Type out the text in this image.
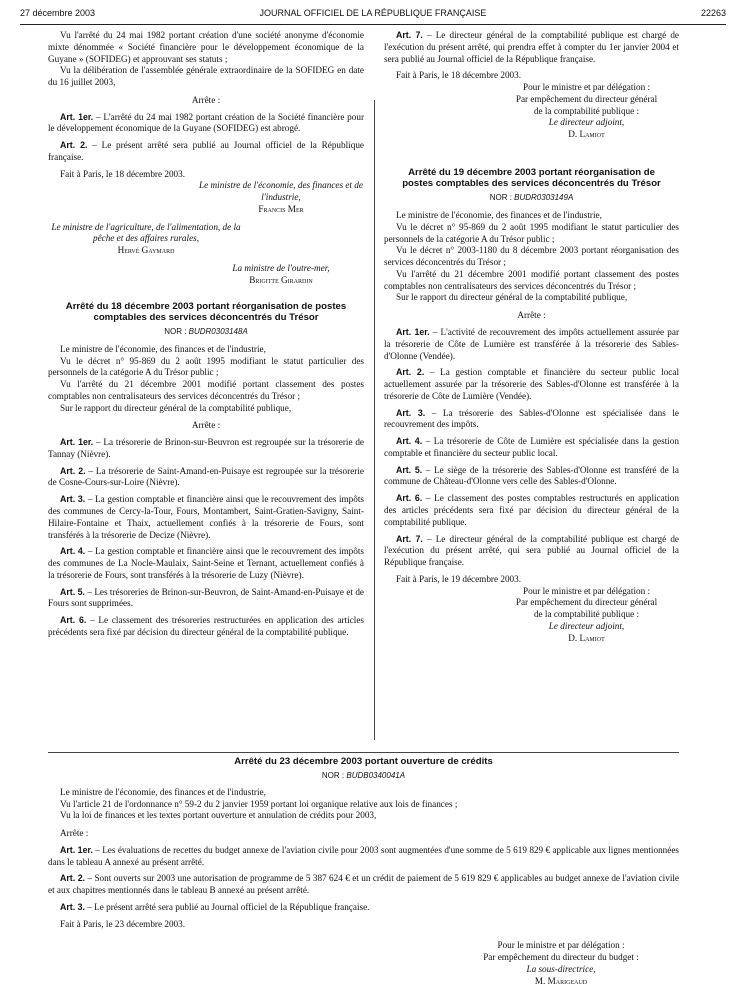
27 décembre 2003	JOURNAL OFFICIEL DE LA RÉPUBLIQUE FRANÇAISE	22263

Vu l'arrêté du 24 mai 1982 portant création d'une société anonyme d'économie mixte dénommée « Société financière pour le développement économique de la Guyane » (SOFIDEG) et approuvant ses statuts ;

Vu la délibération de l'assemblée générale extraordinaire de la SOFIDEG en date du 16 juillet 2003,

Arrête :

Art. 1er. – L'arrêté du 24 mai 1982 portant création de la Société financière pour le développement économique de la Guyane (SOFIDEG) est abrogé.

Art. 2. – Le présent arrêté sera publié au Journal officiel de la République française.

Fait à Paris, le 18 décembre 2003.

Le ministre de l'économie, des finances et de l'industrie,
Francis Mer
Le ministre de l'agriculture, de l'alimentation, de la pêche et des affaires rurales,
Hervé Gaymard
La ministre de l'outre-mer,
Brigitte Girardin
Arrêté du 18 décembre 2003 portant réorganisation de postes comptables des services déconcentrés du Trésor
NOR : BUDR0303148A

Le ministre de l'économie, des finances et de l'industrie,

Vu le décret n° 95-869 du 2 août 1995 modifiant le statut particulier des personnels de la catégorie A du Trésor public ;

Vu l'arrêté du 21 décembre 2001 modifié portant classement des postes comptables non centralisateurs des services déconcentrés du Trésor ;

Sur le rapport du directeur général de la comptabilité publique,

Arrête :

Art. 1er. – La trésorerie de Brinon-sur-Beuvron est regroupée sur la trésorerie de Tannay (Nièvre).

Art. 2. – La trésorerie de Saint-Amand-en-Puisaye est regroupée sur la trésorerie de Cosne-Cours-sur-Loire (Nièvre).

Art. 3. – La gestion comptable et financière ainsi que le recouvrement des impôts des communes de Cercy-la-Tour, Fours, Montambert, Saint-Gratien-Savigny, Saint-Hilaire-Fontaine et Thaix, actuellement confiés à la trésorerie de Fours, sont transférés à la trésorerie de Decize (Nièvre).

Art. 4. – La gestion comptable et financière ainsi que le recouvrement des impôts des communes de La Nocle-Maulaix, Saint-Seine et Ternant, actuellement confiés à la trésorerie de Fours, sont transférés à la trésorerie de Luzy (Nièvre).

Art. 5. – Les trésoreries de Brinon-sur-Beuvron, de Saint-Amand-en-Puisaye et de Fours sont supprimées.

Art. 6. – Le classement des trésoreries restructurées en application des articles précédents sera fixé par décision du directeur général de la comptabilité publique.

Art. 7. – Le directeur général de la comptabilité publique est chargé de l'exécution du présent arrêté, qui prendra effet à compter du 1er janvier 2004 et sera publié au Journal officiel de la République française.

Fait à Paris, le 18 décembre 2003.

Pour le ministre et par délégation :
Par empêchement du directeur général
de la comptabilité publique :
Le directeur adjoint,
D. Lamiot
Arrêté du 19 décembre 2003 portant réorganisation de postes comptables des services déconcentrés du Trésor
NOR : BUDR0303149A

Le ministre de l'économie, des finances et de l'industrie,

Vu le décret n° 95-869 du 2 août 1995 modifiant le statut particulier des personnels de la catégorie A du Trésor public ;

Vu le décret n° 2003-1180 du 8 décembre 2003 portant réorganisation des services déconcentrés du Trésor ;

Vu l'arrêté du 21 décembre 2001 modifié portant classement des postes comptables non centralisateurs des services déconcentrés du Trésor ;

Sur le rapport du directeur général de la comptabilité publique,

Arrête :

Art. 1er. – L'activité de recouvrement des impôts actuellement assurée par la trésorerie de Côte de Lumière est transférée à la trésorerie des Sables-d'Olonne (Vendée).

Art. 2. – La gestion comptable et financière du secteur public local actuellement assurée par la trésorerie des Sables-d'Olonne est transférée à la trésorerie de Côte de Lumière (Vendée).

Art. 3. – La trésorerie des Sables-d'Olonne est spécialisée dans le recouvrement des impôts.

Art. 4. – La trésorerie de Côte de Lumière est spécialisée dans la gestion comptable et financière du secteur public local.

Art. 5. – Le siège de la trésorerie des Sables-d'Olonne est transféré de la commune de Château-d'Olonne vers celle des Sables-d'Olonne.

Art. 6. – Le classement des postes comptables restructurés en application des articles précédents sera fixé par décision du directeur général de la comptabilité publique.

Art. 7. – Le directeur général de la comptabilité publique est chargé de l'exécution du présent arrêté, qui sera publié au Journal officiel de la République française.

Fait à Paris, le 19 décembre 2003.

Pour le ministre et par délégation :
Par empêchement du directeur général
de la comptabilité publique :
Le directeur adjoint,
D. Lamiot
Arrêté du 23 décembre 2003 portant ouverture de crédits
NOR : BUDB0340041A

Le ministre de l'économie, des finances et de l'industrie,

Vu l'article 21 de l'ordonnance n° 59-2 du 2 janvier 1959 portant loi organique relative aux lois de finances ;

Vu la loi de finances et les textes portant ouverture et annulation de crédits pour 2003,

Arrête :

Art. 1er. – Les évaluations de recettes du budget annexe de l'aviation civile pour 2003 sont augmentées d'une somme de 5 619 829 € applicable aux lignes mentionnées dans le tableau A annexé au présent arrêté.

Art. 2. – Sont ouverts sur 2003 une autorisation de programme de 5 387 624 € et un crédit de paiement de 5 619 829 € applicables au budget annexe de l'aviation civile et aux chapitres mentionnés dans le tableau B annexé au présent arrêté.

Art. 3. – Le présent arrêté sera publié au Journal officiel de la République française.

Fait à Paris, le 23 décembre 2003.

Pour le ministre et par délégation :
Par empêchement du directeur du budget :
La sous-directrice,
M. Marigeaud
